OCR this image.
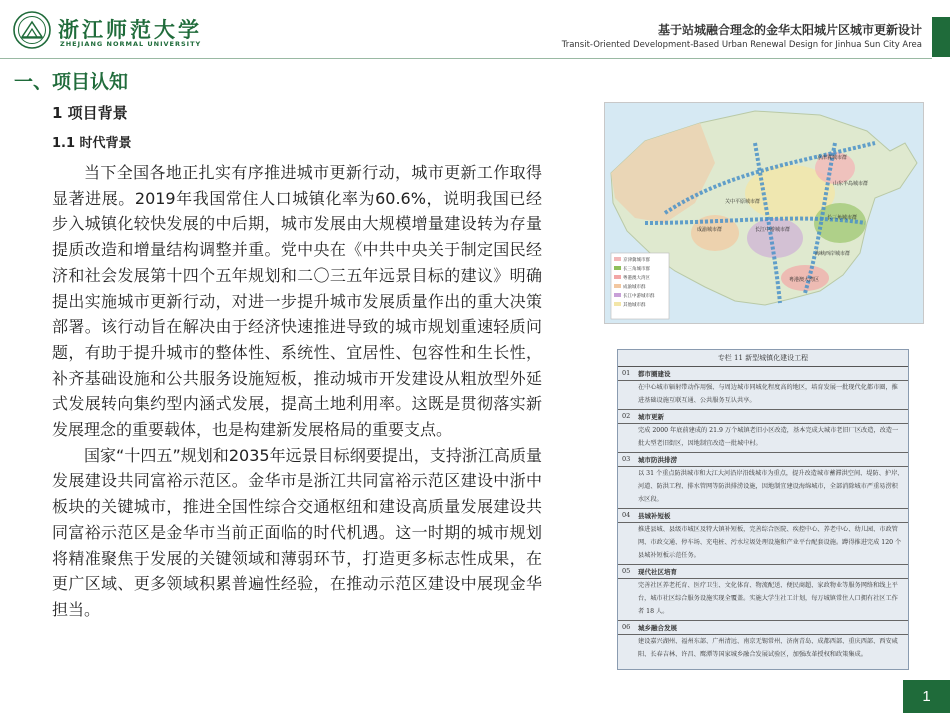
浙江师范大学
ZHEJIANG NORMAL UNIVERSITY
基于站城融合理念的金华太阳城片区城市更新设计
Transit-Oriented Development-Based Urban Renewal Design for Jinhua Sun City Area
一、项目认知
1 项目背景
1.1 时代背景

当下全国各地正扎实有序推进城市更新行动，城市更新工作取得显著进展。2019年我国常住人口城镇化率为60.6%，说明我国已经步入城镇化较快发展的中后期，城市发展由大规模增量建设转为存量提质改造和增量结构调整并重。党中央在《中共中央关于制定国民经济和社会发展第十四个五年规划和二〇三五年远景目标的建议》明确提出实施城市更新行动，对进一步提升城市发展质量作出的重大决策部署。该行动旨在解决由于经济快速推进导致的城市规划重速轻质问题，有助于提升城市的整体性、系统性、宜居性、包容性和生长性，补齐基础设施和公共服务设施短板，推动城市开发建设从粗放型外延式发展转向集约型内涵式发展，提高土地利用率。这既是贯彻落实新发展理念的重要载体，也是构建新发展格局的重要支点。

国家“十四五”规划和2035年远景目标纲要提出，支持浙江高质量发展建设共同富裕示范区。金华市是浙江共同富裕示范区建设中浙中板块的关键城市，推进全国性综合交通枢纽和建设高质量发展建设共同富裕示范区是金华市当前正面临的时代机遇。这一时期的城市规划将精准聚焦于发展的关键领域和薄弱环节，打造更多标志性成果，在更广区域、更多领域积累普遍性经验，在推动示范区建设中展现金华担当。

京津冀城市群
长三角城市群
粤港澳大湾区
成渝城市群
长江中游城市群
其他城市群
京津冀城市群
长江中游城市群
成渝城市群
长三角城市群
粤港澳大湾区
山东半岛城市群
海峡西岸城市群
关中平原城市群
专栏 11 新型城镇化建设工程
01	都市圈建设
在中心城市辐射带动作用强、与周边城市同城化程度高的地区，培育发展一批现代化都市圈，推进基础设施互联互通、公共服务互认共享。
02	城市更新
完成 2000 年底前建成的 21.9 万个城镇老旧小区改造，基本完成大城市老旧厂区改造，改造一批大型老旧街区，因地制宜改造一批城中村。
03	城市防洪排涝
以 31 个重点防洪城市和大江大河沿岸沿线城市为重点，提升改造城市蓄滞洪空间、堤防、护岸、河道、防洪工程、排水管网等防洪排涝设施，因地制宜建设海绵城市，全部消除城市严重易涝积水区段。
04	县城补短板
推进县城、县级市城区及特大镇补短板，完善综合医院、疾控中心、养老中心、幼儿园、市政管网、市政交通、停车场、充电桩、污水垃圾处理设施和产业平台配套设施。蹲得推进完成 120 个县城补短板示范任务。
05	现代社区培育
完善社区养老托育、医疗卫生、文化体育、物流配送、便民商超、家政物业等服务网络和线上平台，城市社区综合服务设施实现全覆盖。实施大学生社工计划，每万城镇常住人口拥有社区工作者 18 人。
06	城乡融合发展
建设嘉兴湖州、福州东部、广州清远、南京无锡常州、济南青岛、成都西部、重庆西部、西安咸阳、长春吉林、许昌、鹰潭等国家城乡融合发展试验区，加强改革授权和政策集成。
1
